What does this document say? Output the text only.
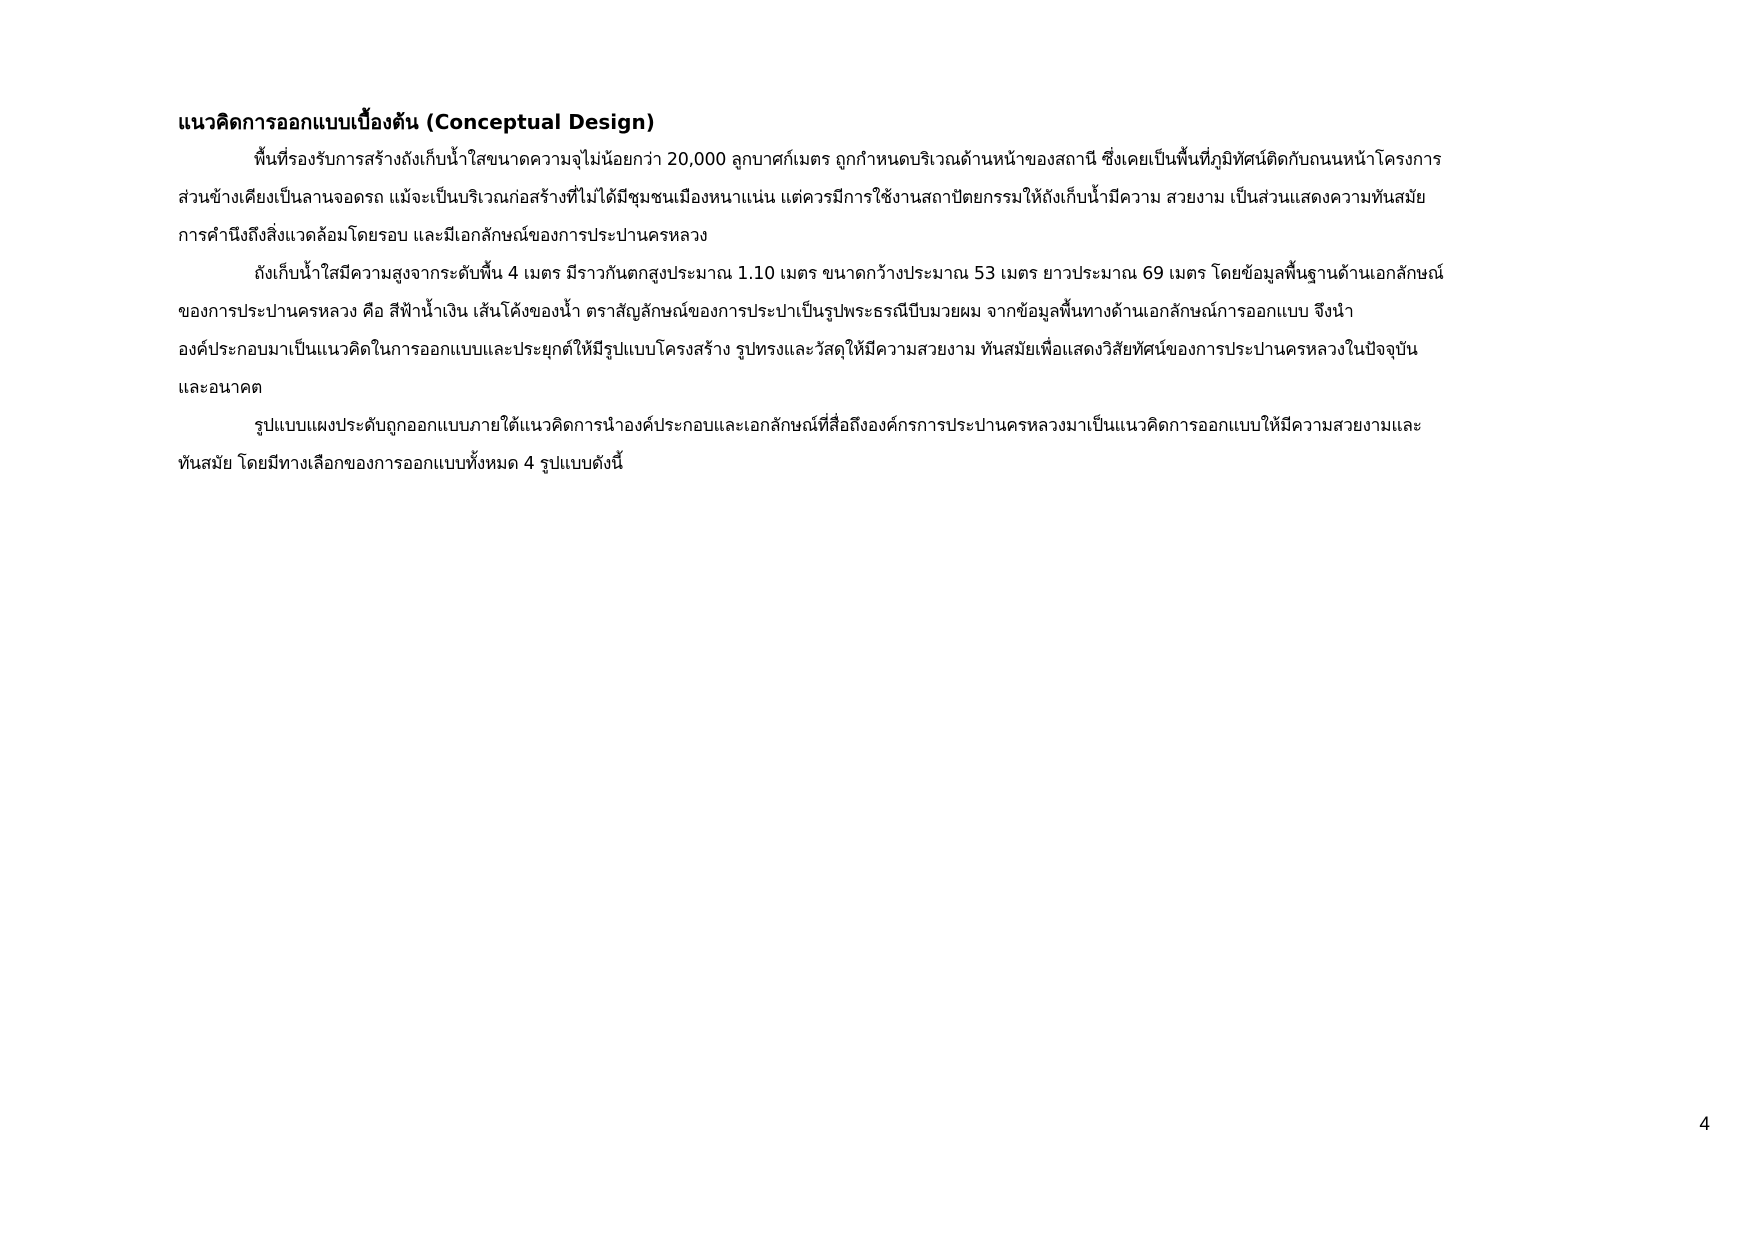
แนวคิดการออกแบบเบื้องต้น (Conceptual Design)
พื้นที่รองรับการสร้างถังเก็บน้ำใสขนาดความจุไม่น้อยกว่า 20,000 ลูกบาศก์เมตร ถูกกำหนดบริเวณด้านหน้าของสถานี ซึ่งเคยเป็นพื้นที่ภูมิทัศน์ติดกับถนนหน้าโครงการ
ส่วนข้างเคียงเป็นลานจอดรถ แม้จะเป็นบริเวณก่อสร้างที่ไม่ได้มีชุมชนเมืองหนาแน่น แต่ควรมีการใช้งานสถาปัตยกรรมให้ถังเก็บน้ำมีความ สวยงาม เป็นส่วนแสดงความทันสมัย
การคำนึงถึงสิ่งแวดล้อมโดยรอบ และมีเอกลักษณ์ของการประปานครหลวง
ถังเก็บน้ำใสมีความสูงจากระดับพื้น 4 เมตร มีราวกันตกสูงประมาณ 1.10 เมตร ขนาดกว้างประมาณ 53 เมตร ยาวประมาณ 69 เมตร โดยข้อมูลพื้นฐานด้านเอกลักษณ์
ของการประปานครหลวง คือ สีฟ้าน้ำเงิน เส้นโค้งของน้ำ ตราสัญลักษณ์ของการประปาเป็นรูปพระธรณีบีบมวยผม จากข้อมูลพื้นทางด้านเอกลักษณ์การออกแบบ จึงนำ
องค์ประกอบมาเป็นแนวคิดในการออกแบบและประยุกต์ให้มีรูปแบบโครงสร้าง รูปทรงและวัสดุให้มีความสวยงาม ทันสมัยเพื่อแสดงวิสัยทัศน์ของการประปานครหลวงในปัจจุบัน
และอนาคต
รูปแบบแผงประดับถูกออกแบบภายใต้แนวคิดการนำองค์ประกอบและเอกลักษณ์ที่สื่อถึงองค์กรการประปานครหลวงมาเป็นแนวคิดการออกแบบให้มีความสวยงามและ
ทันสมัย โดยมีทางเลือกของการออกแบบทั้งหมด 4 รูปแบบดังนี้
4
